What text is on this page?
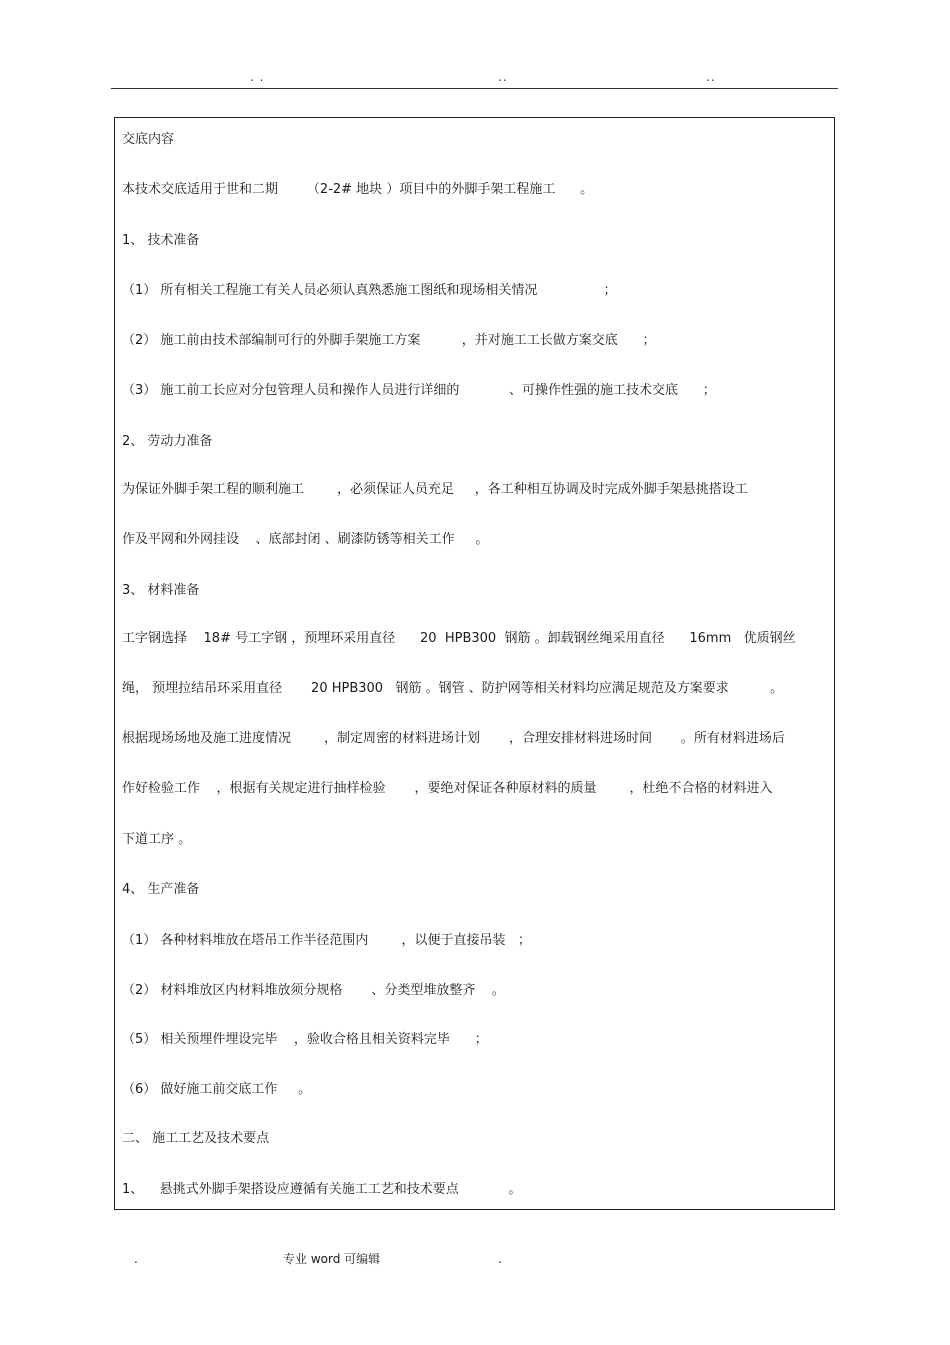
. .	..	..
交底内容
本技术交底适用于世和二期       （2-2# 地块 ）项目中的外脚手架工程施工      。
1、 技术准备
（1） 所有相关工程施工有关人员必须认真熟悉施工图纸和现场相关情况                ；
（2） 施工前由技术部编制可行的外脚手架施工方案          ，并对施工工长做方案交底      ；
（3） 施工前工长应对分包管理人员和操作人员进行详细的            、可操作性强的施工技术交底      ；
2、 劳动力准备
为保证外脚手架工程的顺利施工        ，必须保证人员充足     ，各工种相互协调及时完成外脚手架悬挑搭设工
作及平网和外网挂设    、底部封闭 、刷漆防锈等相关工作     。
3、 材料准备
工字钢选择    18# 号工字钢 ，预埋环采用直径      20  HPB300  钢筋 。卸载钢丝绳采用直径      16mm   优质钢丝
绳， 预埋拉结吊环采用直径       20 HPB300   钢筋 。钢管 、防护网等相关材料均应满足规范及方案要求          。
根据现场场地及施工进度情况        ，制定周密的材料进场计划       ，合理安排材料进场时间       。所有材料进场后
作好检验工作    ，根据有关规定进行抽样检验       ，要绝对保证各种原材料的质量        ，杜绝不合格的材料进入
下道工序 。
4、 生产准备
（1） 各种材料堆放在塔吊工作半径范围内        ，以便于直接吊装   ；
（2） 材料堆放区内材料堆放须分规格       、分类型堆放整齐    。
（5） 相关预埋件埋设完毕    ，验收合格且相关资料完毕      ；
（6） 做好施工前交底工作     。
二、 施工工艺及技术要点
1、    悬挑式外脚手架搭设应遵循有关施工工艺和技术要点            。
.	专业 word 可编辑	.
